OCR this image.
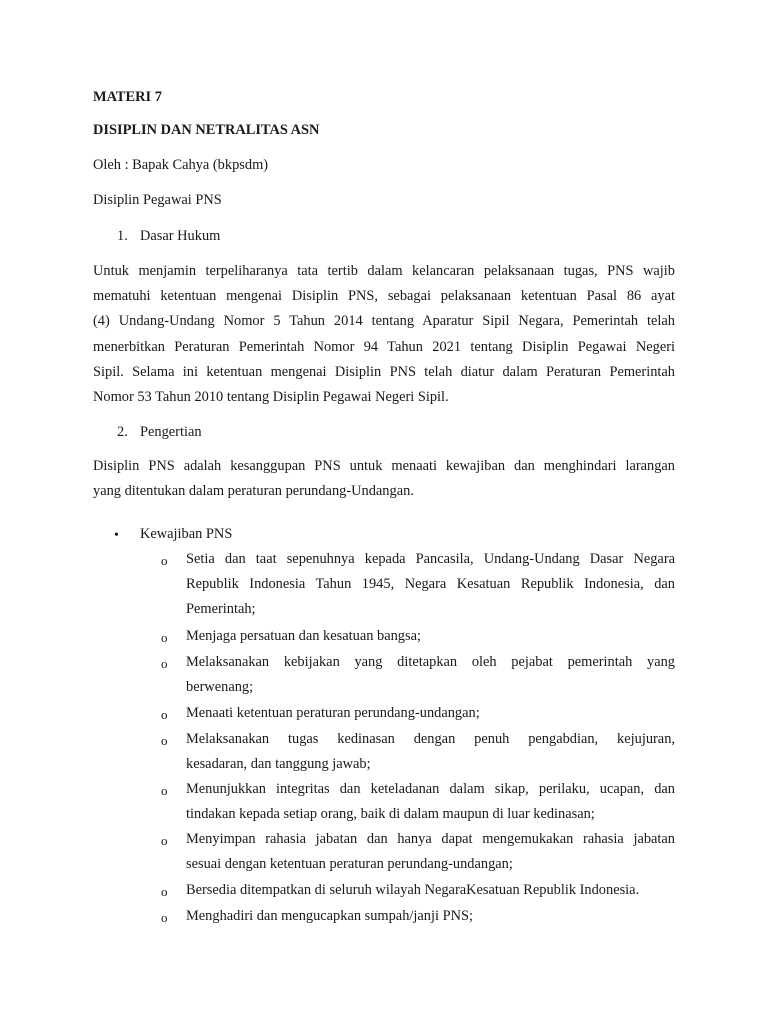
MATERI 7

DISIPLIN DAN NETRALITAS ASN

Oleh : Bapak Cahya (bkpsdm)

Disiplin Pegawai PNS

1. Dasar Hukum

Untuk menjamin terpeliharanya tata tertib dalam kelancaran pelaksanaan tugas, PNS wajib
mematuhi ketentuan mengenai Disiplin PNS, sebagai pelaksanaan ketentuan Pasal 86 ayat
(4) Undang-Undang Nomor 5 Tahun 2014 tentang Aparatur Sipil Negara, Pemerintah telah
menerbitkan Peraturan Pemerintah Nomor 94 Tahun 2021 tentang Disiplin Pegawai Negeri
Sipil. Selama ini ketentuan mengenai Disiplin PNS telah diatur dalam Peraturan Pemerintah
Nomor 53 Tahun 2010 tentang Disiplin Pegawai Negeri Sipil.

2. Pengertian

Disiplin PNS adalah kesanggupan PNS untuk menaati kewajiban dan menghindari larangan
yang ditentukan dalam peraturan perundang-Undangan.

• Kewajiban PNS

o Setia dan taat sepenuhnya kepada Pancasila, Undang-Undang Dasar Negara
Republik Indonesia Tahun 1945, Negara Kesatuan Republik Indonesia, dan
Pemerintah;

o Menjaga persatuan dan kesatuan bangsa;

o Melaksanakan kebijakan yang ditetapkan oleh pejabat pemerintah yang
berwenang;

o Menaati ketentuan peraturan perundang-undangan;

o Melaksanakan tugas kedinasan dengan penuh pengabdian, kejujuran,
kesadaran, dan tanggung jawab;

o Menunjukkan integritas dan keteladanan dalam sikap, perilaku, ucapan, dan
tindakan kepada setiap orang, baik di dalam maupun di luar kedinasan;

o Menyimpan rahasia jabatan dan hanya dapat mengemukakan rahasia jabatan
sesuai dengan ketentuan peraturan perundang-undangan;

o Bersedia ditempatkan di seluruh wilayah NegaraKesatuan Republik Indonesia.

o Menghadiri dan mengucapkan sumpah/janji PNS;
